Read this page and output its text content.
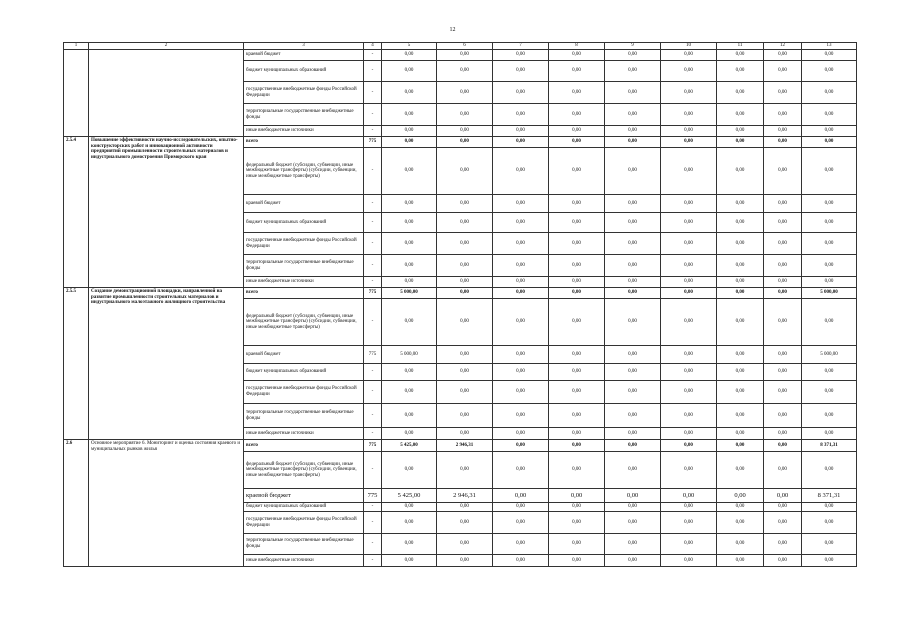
12
1	2	3	4	5	6	7	8	9	10	11	12	13
		краевой бюджет	-	0,00	0,00	0,00	0,00	0,00	0,00	0,00	0,00	0,00
		бюджет муниципальных образований	-	0,00	0,00	0,00	0,00	0,00	0,00	0,00	0,00	0,00
		государственные внебюджетные фонды Российской Федерации	-	0,00	0,00	0,00	0,00	0,00	0,00	0,00	0,00	0,00
		территориальные государственные внебюджетные фонды	-	0,00	0,00	0,00	0,00	0,00	0,00	0,00	0,00	0,00
		иные внебюджетные источники	-	0,00	0,00	0,00	0,00	0,00	0,00	0,00	0,00	0,00
2.5.4	Повышение эффективности научно-исследовательских, опытно-конструкторских работ и инновационной активности предприятий промышленности строительных материалов и индустриального домостроения Приморского края	всего	775	0,00	0,00	0,00	0,00	0,00	0,00	0,00	0,00	0,00
		федеральный бюджет (субсидии, субвенции, иные межбюджетные трансферты) (субсидии, субвенции, иные межбюджетные трансферты)	-	0,00	0,00	0,00	0,00	0,00	0,00	0,00	0,00	0,00
		краевой бюджет	-	0,00	0,00	0,00	0,00	0,00	0,00	0,00	0,00	0,00
		бюджет муниципальных образований	-	0,00	0,00	0,00	0,00	0,00	0,00	0,00	0,00	0,00
		государственные внебюджетные фонды Российской Федерации	-	0,00	0,00	0,00	0,00	0,00	0,00	0,00	0,00	0,00
		территориальные государственные внебюджетные фонды	-	0,00	0,00	0,00	0,00	0,00	0,00	0,00	0,00	0,00
		иные внебюджетные источники	-	0,00	0,00	0,00	0,00	0,00	0,00	0,00	0,00	0,00
2.5.5	Создание демонстрационной площадки, направленной на развитие промышленности строительных материалов и индустриального малоэтажного жилищного строительства	всего	775	5 000,00	0,00	0,00	0,00	0,00	0,00	0,00	0,00	5 000,00
		федеральный бюджет (субсидии, субвенции, иные межбюджетные трансферты) (субсидии, субвенции, иные межбюджетные трансферты)	-	0,00	0,00	0,00	0,00	0,00	0,00	0,00	0,00	0,00
		краевой бюджет	775	5 000,00	0,00	0,00	0,00	0,00	0,00	0,00	0,00	5 000,00
		бюджет муниципальных образований	-	0,00	0,00	0,00	0,00	0,00	0,00	0,00	0,00	0,00
		государственные внебюджетные фонды Российской Федерации	-	0,00	0,00	0,00	0,00	0,00	0,00	0,00	0,00	0,00
		территориальные государственные внебюджетные фонды	-	0,00	0,00	0,00	0,00	0,00	0,00	0,00	0,00	0,00
		иные внебюджетные источники	-	0,00	0,00	0,00	0,00	0,00	0,00	0,00	0,00	0,00
2.6	Основное мероприятие 6. Мониторинг и оценка состояния краевого и муниципальных рынков жилья	всего	775	5 425,00	2 946,31	0,00	0,00	0,00	0,00	0,00	0,00	8 371,31
		федеральный бюджет (субсидии, субвенции, иные межбюджетные трансферты) (субсидии, субвенции, иные межбюджетные трансферты)	-	0,00	0,00	0,00	0,00	0,00	0,00	0,00	0,00	0,00
		краевой бюджет	775	5 425,00	2 946,31	0,00	0,00	0,00	0,00	0,00	0,00	8 371,31
		бюджет муниципальных образований	-	0,00	0,00	0,00	0,00	0,00	0,00	0,00	0,00	0,00
		государственные внебюджетные фонды Российской Федерации	-	0,00	0,00	0,00	0,00	0,00	0,00	0,00	0,00	0,00
		территориальные государственные внебюджетные фонды	-	0,00	0,00	0,00	0,00	0,00	0,00	0,00	0,00	0,00
		иные внебюджетные источники	-	0,00	0,00	0,00	0,00	0,00	0,00	0,00	0,00	0,00
